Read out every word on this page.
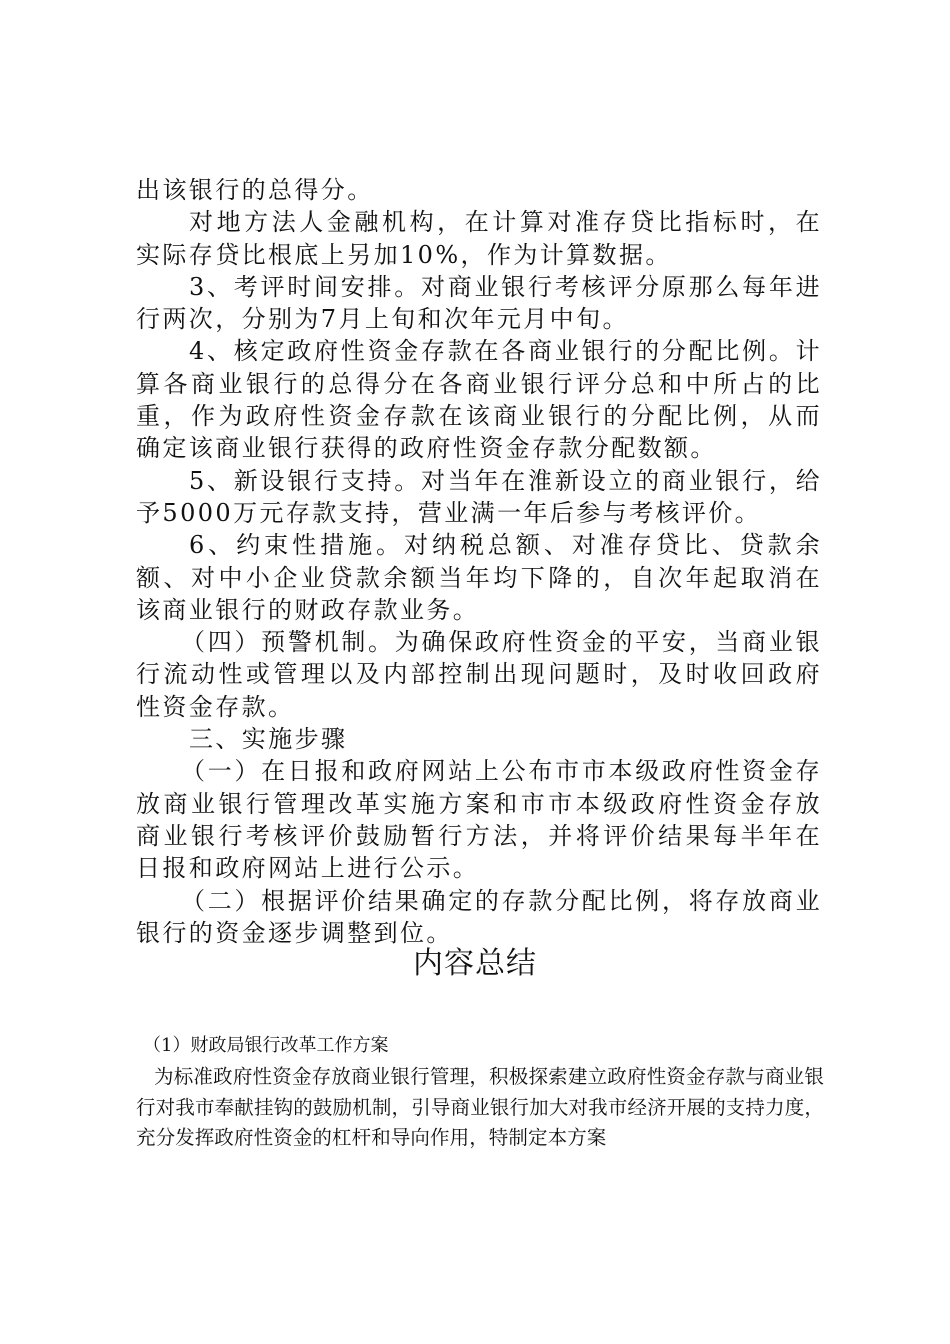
出该银行的总得分。

对地方法人金融机构，在计算对准存贷比指标时，在实际存贷比根底上另加10%，作为计算数据。

3、考评时间安排。对商业银行考核评分原那么每年进行两次，分别为7月上旬和次年元月中旬。

4、核定政府性资金存款在各商业银行的分配比例。计算各商业银行的总得分在各商业银行评分总和中所占的比重，作为政府性资金存款在该商业银行的分配比例，从而确定该商业银行获得的政府性资金存款分配数额。

5、新设银行支持。对当年在淮新设立的商业银行，给予5000万元存款支持，营业满一年后参与考核评价。

6、约束性措施。对纳税总额、对准存贷比、贷款余额、对中小企业贷款余额当年均下降的，自次年起取消在该商业银行的财政存款业务。

（四）预警机制。为确保政府性资金的平安，当商业银行流动性或管理以及内部控制出现问题时，及时收回政府性资金存款。

三、实施步骤

（一）在日报和政府网站上公布市市本级政府性资金存放商业银行管理改革实施方案和市市本级政府性资金存放商业银行考核评价鼓励暂行方法，并将评价结果每半年在日报和政府网站上进行公示。

（二）根据评价结果确定的存款分配比例，将存放商业银行的资金逐步调整到位。

内容总结

（1）财政局银行改革工作方案

为标准政府性资金存放商业银行管理，积极探索建立政府性资金存款与商业银行对我市奉献挂钩的鼓励机制，引导商业银行加大对我市经济开展的支持力度，充分发挥政府性资金的杠杆和导向作用，特制定本方案
